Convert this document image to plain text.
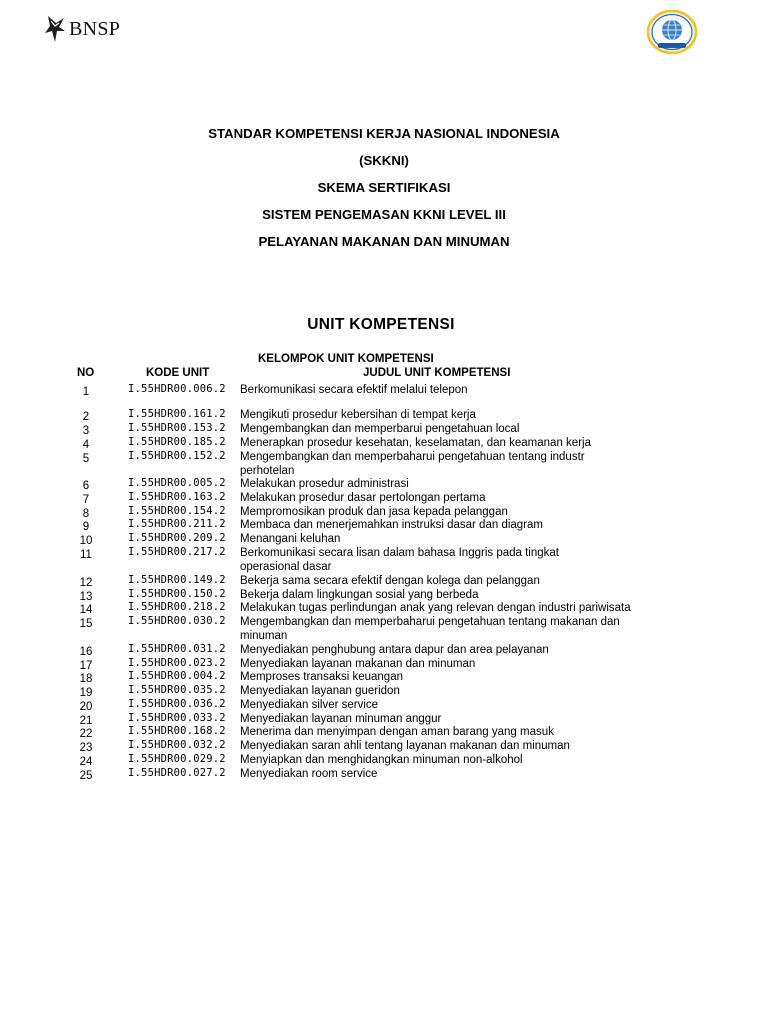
BNSP
STANDAR KOMPETENSI KERJA NASIONAL INDONESIA
(SKKNI)
SKEMA SERTIFIKASI
SISTEM PENGEMASAN KKNI LEVEL III
PELAYANAN MAKANAN DAN MINUMAN
UNIT KOMPETENSI
KELOMPOK UNIT KOMPETENSI
NO	KODE UNIT	JUDUL UNIT KOMPETENSI
1	I.55HDR00.006.2 Berkomunikasi secara efektif melalui telepon
2	I.55HDR00.161.2 Mengikuti prosedur kebersihan di tempat kerja
3	I.55HDR00.153.2 Mengembangkan dan memperbarui pengetahuan local
4	I.55HDR00.185.2 Menerapkan prosedur kesehatan, keselamatan, dan keamanan kerja
5	I.55HDR00.152.2 Mengembangkan dan memperbaharui pengetahuan tentang industr perhotelan
6	I.55HDR00.005.2 Melakukan prosedur administrasi
7	I.55HDR00.163.2 Melakukan prosedur dasar pertolongan pertama
8	I.55HDR00.154.2 Mempromosikan produk dan jasa kepada pelanggan
9	I.55HDR00.211.2 Membaca dan menerjemahkan instruksi dasar dan diagram
10	I.55HDR00.209.2 Menangani keluhan
11	I.55HDR00.217.2 Berkomunikasi secara lisan dalam bahasa Inggris pada tingkat operasional dasar
12	I.55HDR00.149.2 Bekerja sama secara efektif dengan kolega dan pelanggan
13	I.55HDR00.150.2 Bekerja dalam lingkungan sosial yang berbeda
14	I.55HDR00.218.2 Melakukan tugas perlindungan anak yang relevan dengan industri pariwisata
15	I.55HDR00.030.2 Mengembangkan dan memperbaharui pengetahuan tentang makanan dan minuman
16	I.55HDR00.031.2 Menyediakan penghubung antara dapur dan area pelayanan
17	I.55HDR00.023.2 Menyediakan layanan makanan dan minuman
18	I.55HDR00.004.2 Memproses transaksi keuangan
19	I.55HDR00.035.2 Menyediakan layanan gueridon
20	I.55HDR00.036.2 Menyediakan silver service
21	I.55HDR00.033.2 Menyediakan layanan minuman anggur
22	I.55HDR00.168.2 Menerima dan menyimpan dengan aman barang yang masuk
23	I.55HDR00.032.2 Menyediakan saran ahli tentang layanan makanan dan minuman
24	I.55HDR00.029.2 Menyiapkan dan menghidangkan minuman non-alkohol
25	I.55HDR00.027.2 Menyediakan room service
